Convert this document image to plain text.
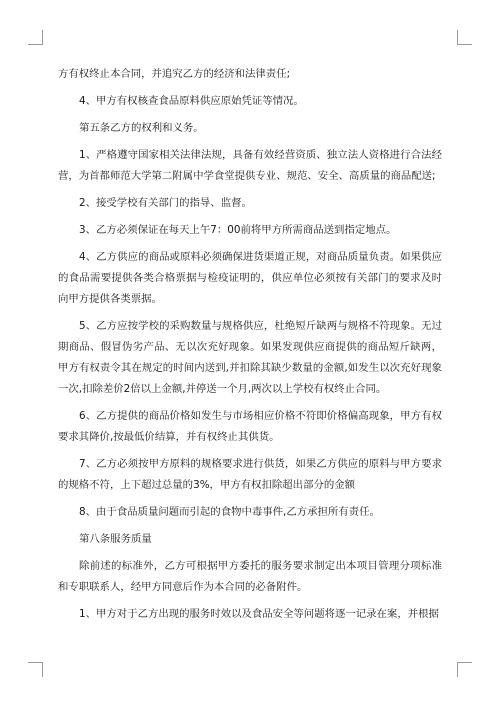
方有权终止本合同，并追究乙方的经济和法律责任;

4、甲方有权核查食品原料供应原始凭证等情况。

第五条乙方的权利和义务。

1、严格遵守国家相关法律法规，具备有效经营资质、独立法人资格进行合法经营，为首都师范大学第二附属中学食堂提供专业、规范、安全、高质量的商品配送;

2、接受学校有关部门的指导、监督。

3、乙方必须保证在每天上午7：00前将甲方所需商品送到指定地点。

4、乙方供应的商品或原料必须确保进货渠道正规，对商品质量负责。如果供应的食品需要提供各类合格票据与检疫证明的，供应单位必须按有关部门的要求及时向甲方提供各类票据。

5、乙方应按学校的采购数量与规格供应，杜绝短斤缺两与规格不符现象。无过期商品、假冒伪劣产品、无以次充好现象。如果发现供应商提供的商品短斤缺两，甲方有权责令其在规定的时间内送到,并扣除其缺少数量的金额,如发生以次充好现象一次,扣除差价2倍以上金额,并停送一个月,两次以上学校有权终止合同。

6、乙方提供的商品价格如发生与市场相应价格不符即价格偏高现象，甲方有权要求其降价,按最低价结算，并有权终止其供货。

7、乙方必须按甲方原料的规格要求进行供货，如果乙方供应的原料与甲方要求的规格不符，上下超过总量的3%，甲方有权扣除超出部分的金额

8、由于食品质量问题而引起的食物中毒事件,乙方承担所有责任。

第八条服务质量

除前述的标准外，乙方可根据甲方委托的服务要求制定出本项目管理分项标准和专职联系人，经甲方同意后作为本合同的必备附件。

1、甲方对于乙方出现的服务时效以及食品安全等问题将逐一记录在案，并根据
